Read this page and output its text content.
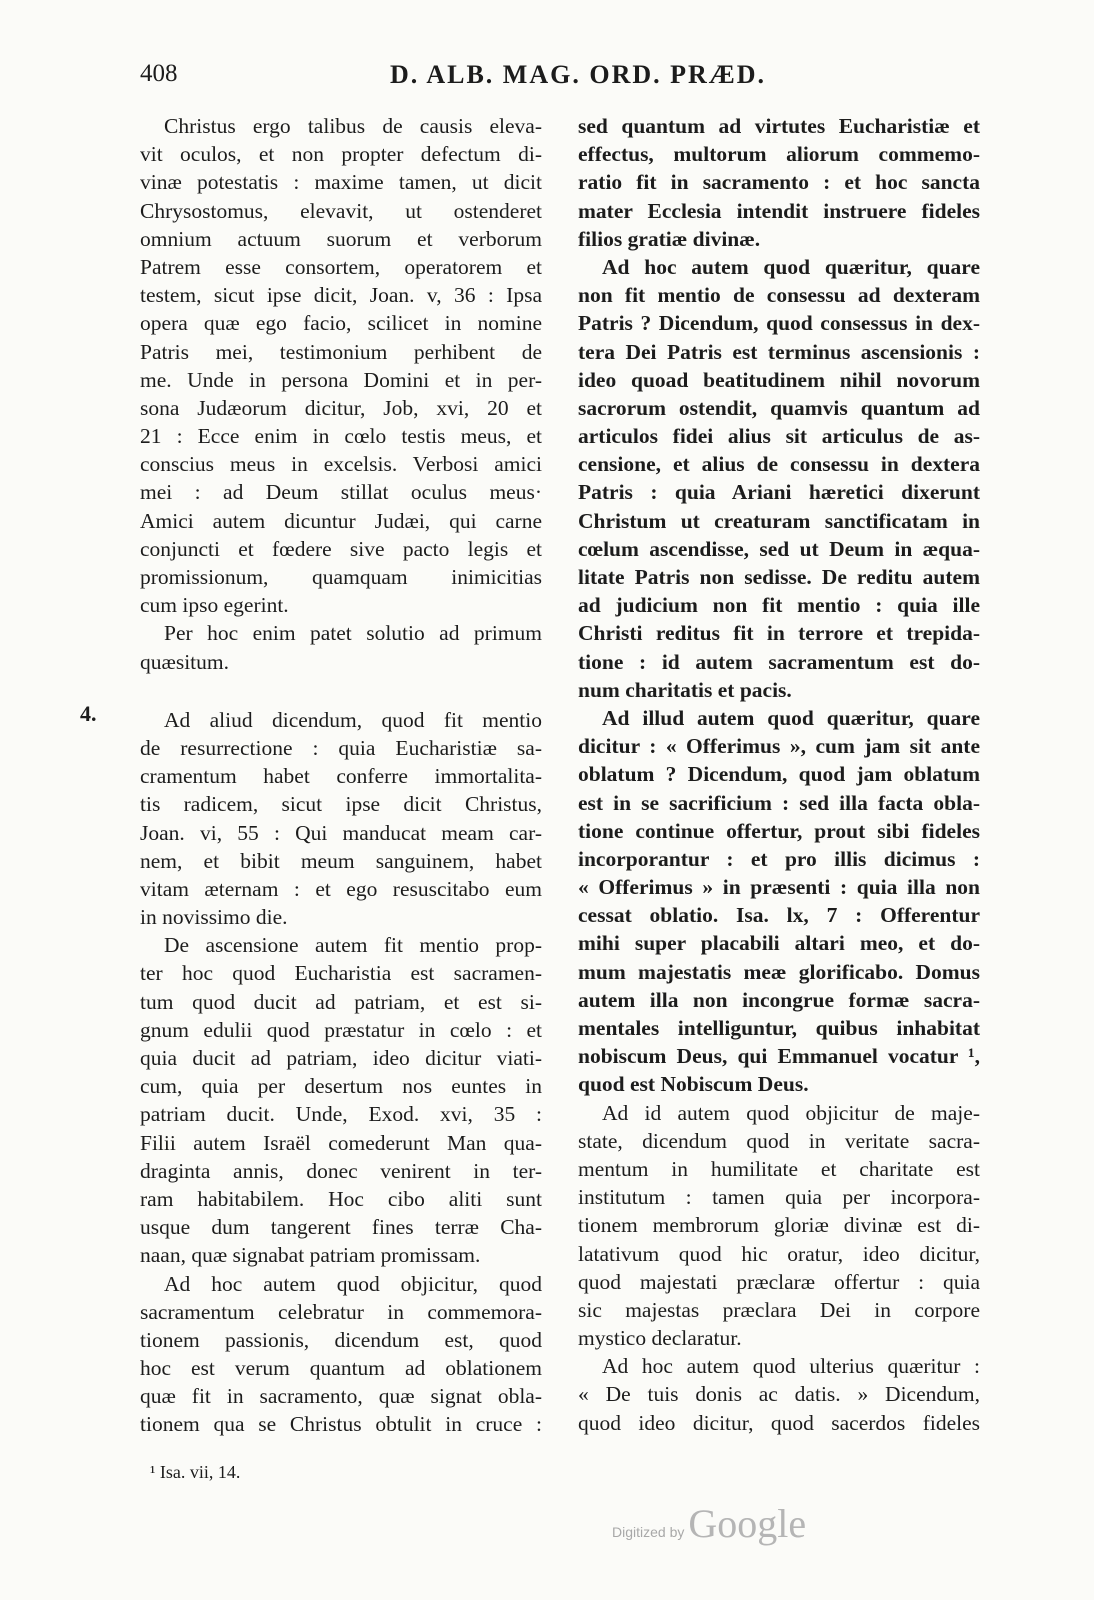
408	D. ALB. MAG. ORD. PRÆD.
4.
Christus ergo talibus de causis eleva-
vit oculos, et non propter defectum di-
vinæ potestatis : maxime tamen, ut dicit
Chrysostomus, elevavit, ut ostenderet
omnium actuum suorum et verborum
Patrem esse consortem, operatorem et
testem, sicut ipse dicit, Joan. v, 36 : Ipsa
opera quæ ego facio, scilicet in nomine
Patris mei, testimonium perhibent de
me. Unde in persona Domini et in per-
sona Judæorum dicitur, Job, xvi, 20 et
21 : Ecce enim in cœlo testis meus, et
conscius meus in excelsis. Verbosi amici
mei : ad Deum stillat oculus meus·
Amici autem dicuntur Judæi, qui carne
conjuncti et fœdere sive pacto legis et
promissionum, quamquam inimicitias
cum ipso egerint.
Per hoc enim patet solutio ad primum
quæsitum.
Ad aliud dicendum, quod fit mentio
de resurrectione : quia Eucharistiæ sa-
cramentum habet conferre immortalita-
tis radicem, sicut ipse dicit Christus,
Joan. vi, 55 : Qui manducat meam car-
nem, et bibit meum sanguinem, habet
vitam æternam : et ego resuscitabo eum
in novissimo die.
De ascensione autem fit mentio prop-
ter hoc quod Eucharistia est sacramen-
tum quod ducit ad patriam, et est si-
gnum edulii quod præstatur in cœlo : et
quia ducit ad patriam, ideo dicitur viati-
cum, quia per desertum nos euntes in
patriam ducit. Unde, Exod. xvi, 35 :
Filii autem Israël comederunt Man qua-
draginta annis, donec venirent in ter-
ram habitabilem. Hoc cibo aliti sunt
usque dum tangerent fines terræ Cha-
naan, quæ signabat patriam promissam.
Ad hoc autem quod objicitur, quod
sacramentum celebratur in commemora-
tionem passionis, dicendum est, quod
hoc est verum quantum ad oblationem
quæ fit in sacramento, quæ signat obla-
tionem qua se Christus obtulit in cruce :
sed quantum ad virtutes Eucharistiæ et
effectus, multorum aliorum commemo-
ratio fit in sacramento : et hoc sancta
mater Ecclesia intendit instruere fideles
filios gratiæ divinæ.
Ad hoc autem quod quæritur, quare
non fit mentio de consessu ad dexteram
Patris ? Dicendum, quod consessus in dex-
tera Dei Patris est terminus ascensionis :
ideo quoad beatitudinem nihil novorum
sacrorum ostendit, quamvis quantum ad
articulos fidei alius sit articulus de as-
censione, et alius de consessu in dextera
Patris : quia Ariani hæretici dixerunt
Christum ut creaturam sanctificatam in
cœlum ascendisse, sed ut Deum in æqua-
litate Patris non sedisse. De reditu autem
ad judicium non fit mentio : quia ille
Christi reditus fit in terrore et trepida-
tione : id autem sacramentum est do-
num charitatis et pacis.
Ad illud autem quod quæritur, quare
dicitur : « Offerimus », cum jam sit ante
oblatum ? Dicendum, quod jam oblatum
est in se sacrificium : sed illa facta obla-
tione continue offertur, prout sibi fideles
incorporantur : et pro illis dicimus :
« Offerimus » in præsenti : quia illa non
cessat oblatio. Isa. lx, 7 : Offerentur
mihi super placabili altari meo, et do-
mum majestatis meæ glorificabo. Domus
autem illa non incongrue formæ sacra-
mentales intelliguntur, quibus inhabitat
nobiscum Deus, qui Emmanuel vocatur ¹,
quod est Nobiscum Deus.
Ad id autem quod objicitur de maje-
state, dicendum quod in veritate sacra-
mentum in humilitate et charitate est
institutum : tamen quia per incorpora-
tionem membrorum gloriæ divinæ est di-
latativum quod hic oratur, ideo dicitur,
quod majestati præclaræ offertur : quia
sic majestas præclara Dei in corpore
mystico declaratur.
Ad hoc autem quod ulterius quæritur :
« De tuis donis ac datis. » Dicendum,
quod ideo dicitur, quod sacerdos fideles
¹ Isa. vii, 14.
Digitized by Google
